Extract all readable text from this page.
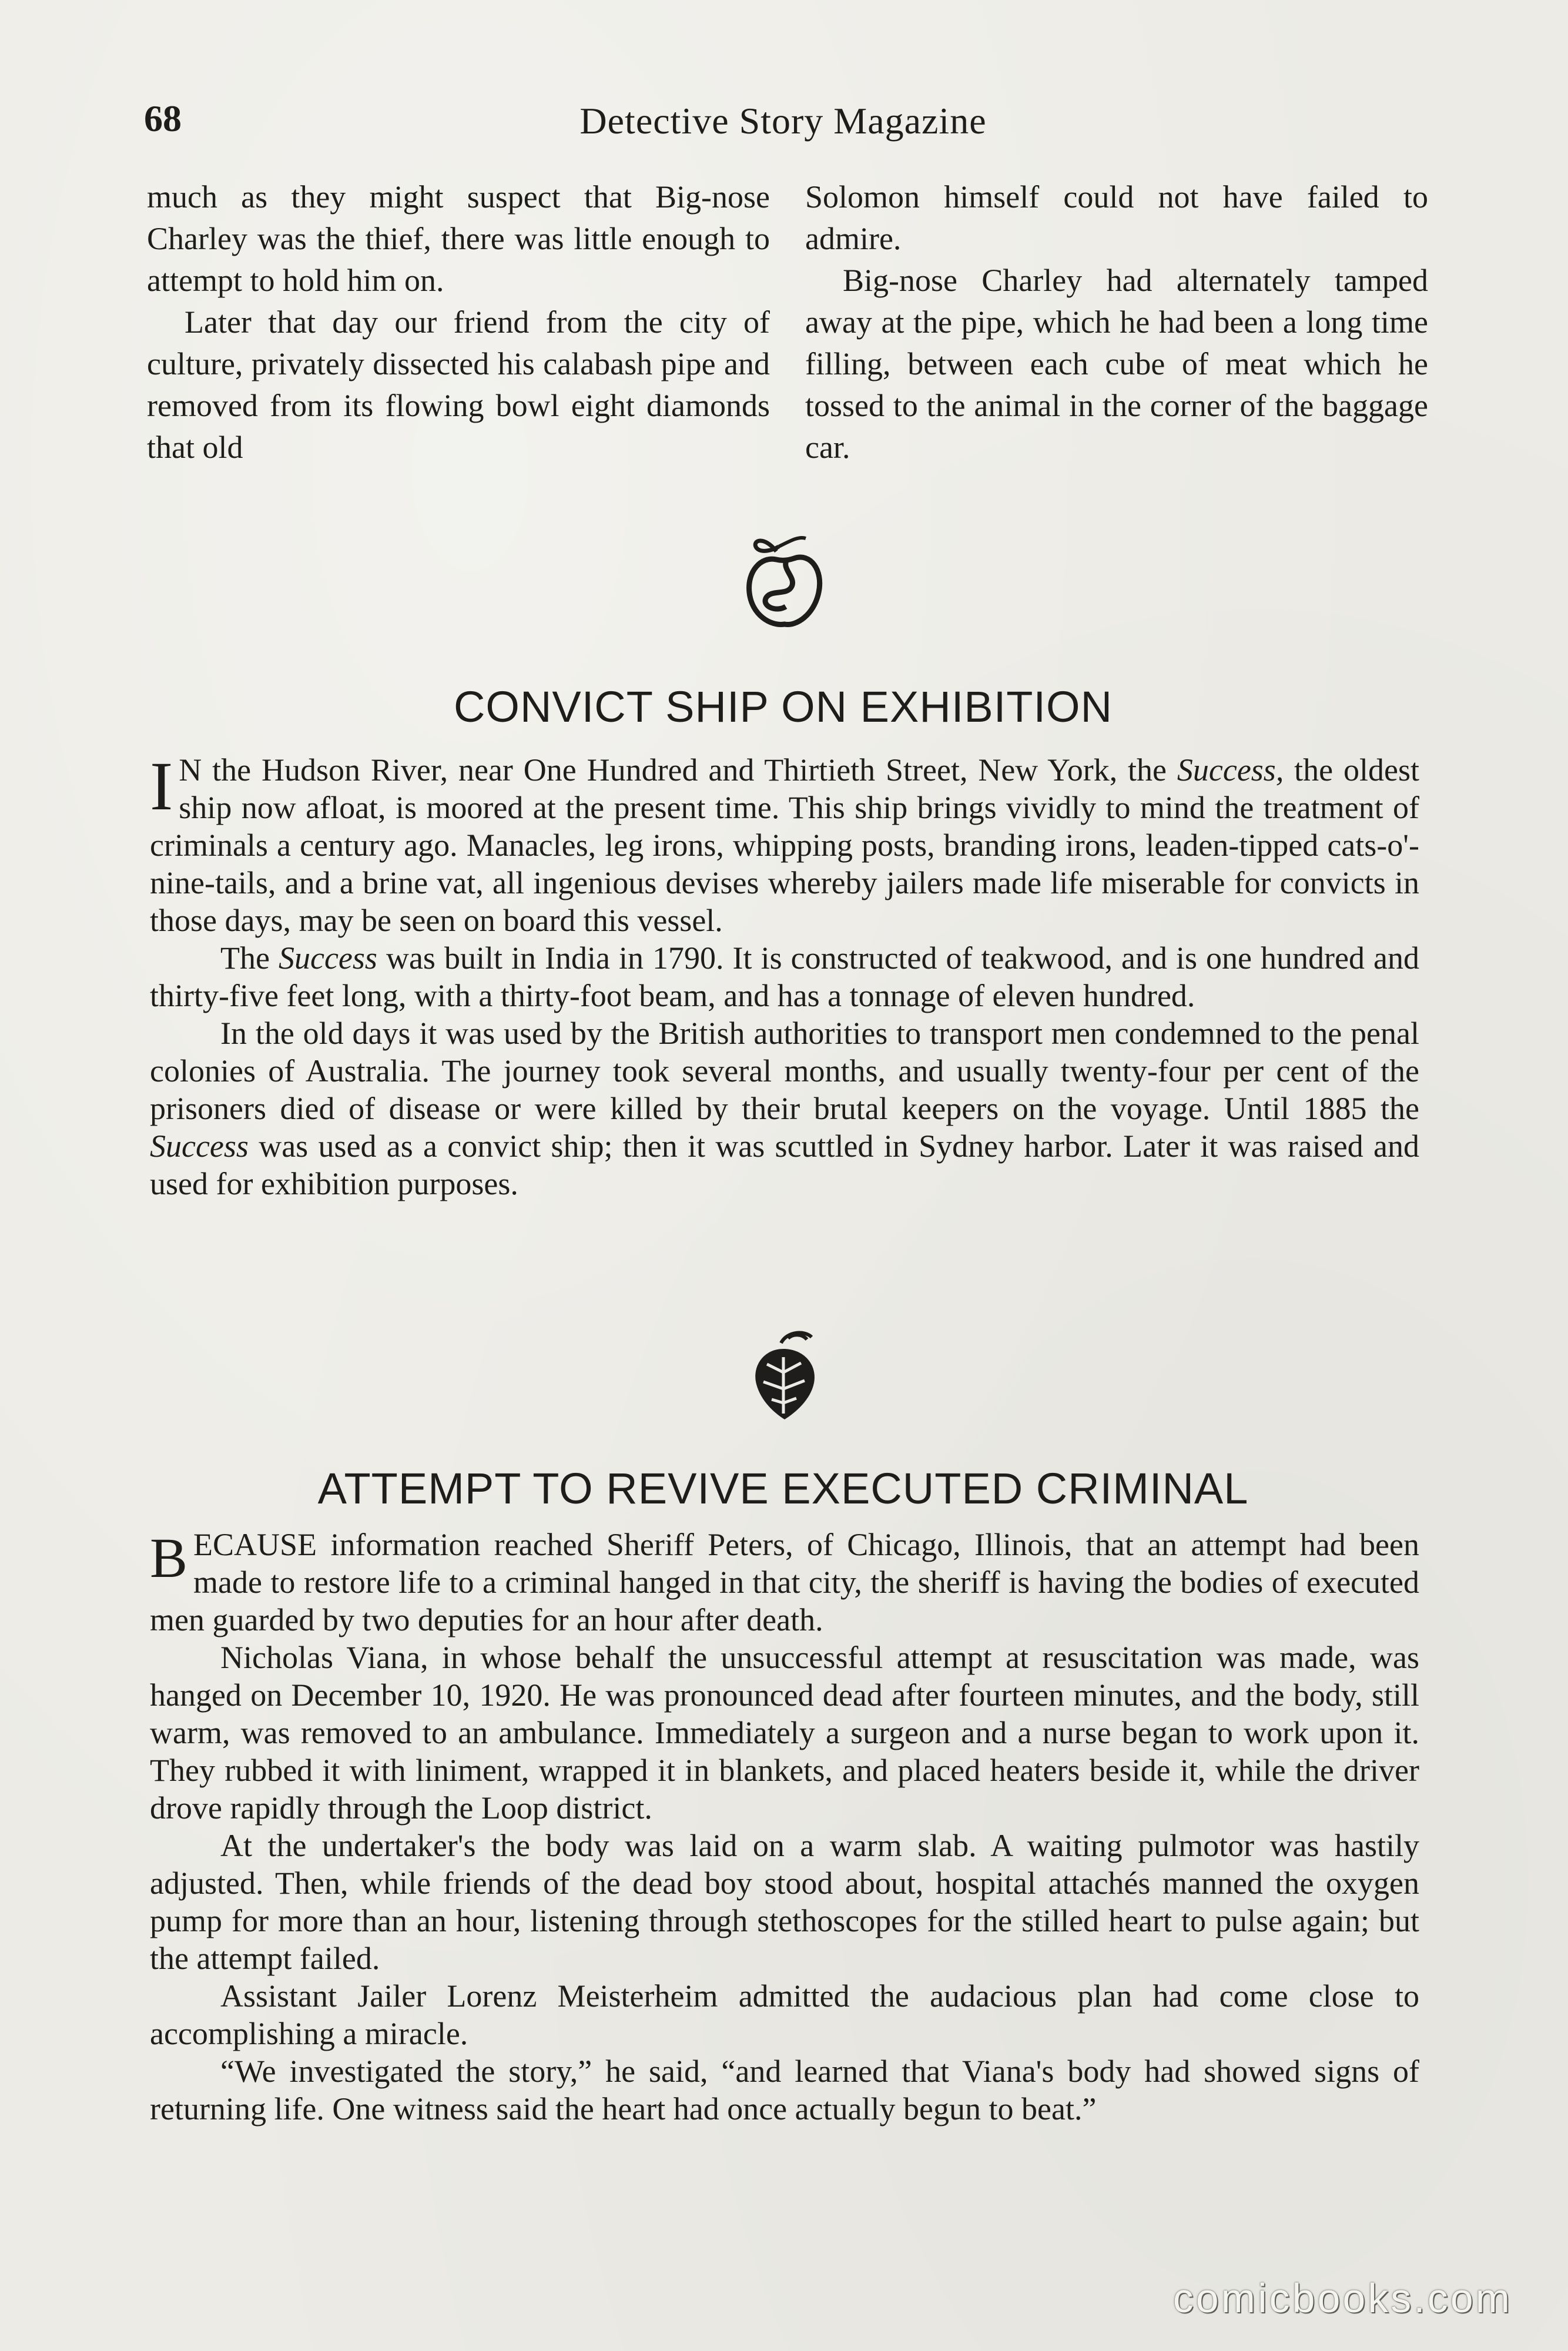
68	Detective Story Magazine

much as they might suspect that Big-nose Charley was the thief, there was little enough to attempt to hold him on.

Later that day our friend from the city of culture, privately dissected his calabash pipe and removed from its flowing bowl eight diamonds that old

Solomon himself could not have failed to admire.

Big-nose Charley had alternately tamped away at the pipe, which he had been a long time filling, between each cube of meat which he tossed to the animal in the corner of the baggage car.

CONVICT SHIP ON EXHIBITION

I N the Hudson River, near One Hundred and Thirtieth Street, New York, the Success, the oldest ship now afloat, is moored at the present time. This ship brings vividly to mind the treatment of criminals a century ago. Manacles, leg irons, whipping posts, branding irons, leaden-tipped cats-o'-nine-tails, and a brine vat, all ingenious devises whereby jailers made life miserable for convicts in those days, may be seen on board this vessel.

The Success was built in India in 1790. It is constructed of teakwood, and is one hundred and thirty-five feet long, with a thirty-foot beam, and has a tonnage of eleven hundred.

In the old days it was used by the British authorities to transport men condemned to the penal colonies of Australia. The journey took several months, and usually twenty-four per cent of the prisoners died of disease or were killed by their brutal keepers on the voyage. Until 1885 the Success was used as a convict ship; then it was scuttled in Sydney harbor. Later it was raised and used for exhibition purposes.

ATTEMPT TO REVIVE EXECUTED CRIMINAL

BECAUSE information reached Sheriff Peters, of Chicago, Illinois, that an attempt had been made to restore life to a criminal hanged in that city, the sheriff is having the bodies of executed men guarded by two deputies for an hour after death.

Nicholas Viana, in whose behalf the unsuccessful attempt at resuscitation was made, was hanged on December 10, 1920. He was pronounced dead after fourteen minutes, and the body, still warm, was removed to an ambulance. Immediately a surgeon and a nurse began to work upon it. They rubbed it with liniment, wrapped it in blankets, and placed heaters beside it, while the driver drove rapidly through the Loop district.

At the undertaker's the body was laid on a warm slab. A waiting pulmotor was hastily adjusted. Then, while friends of the dead boy stood about, hospital attachés manned the oxygen pump for more than an hour, listening through stethoscopes for the stilled heart to pulse again; but the attempt failed.

Assistant Jailer Lorenz Meisterheim admitted the audacious plan had come close to accomplishing a miracle.

“We investigated the story,” he said, “and learned that Viana's body had showed signs of returning life. One witness said the heart had once actually begun to beat.”

comicbooks.com
